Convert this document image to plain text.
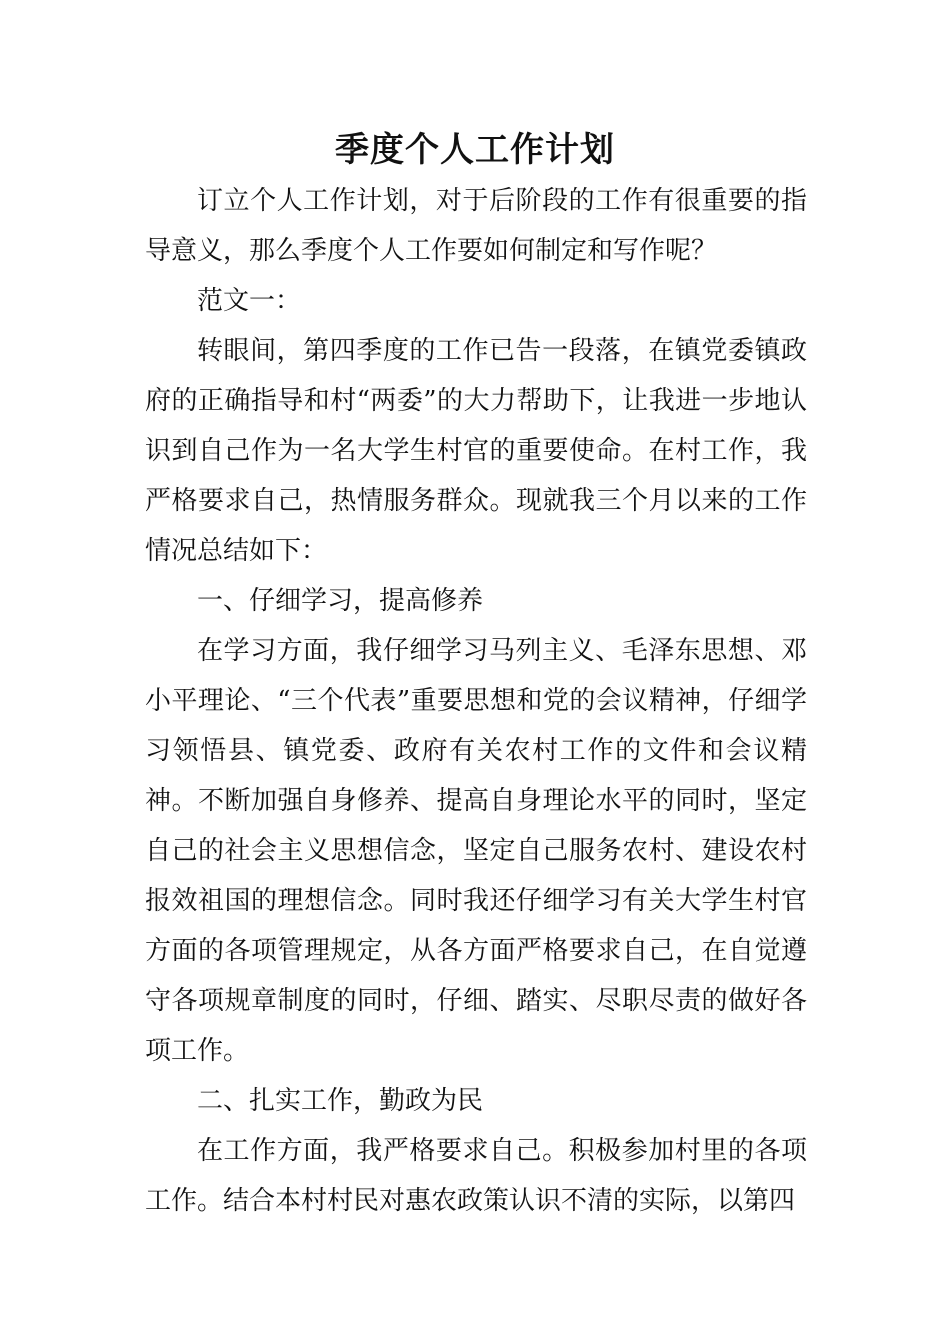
季度个人工作计划

订立个人工作计划，对于后阶段的工作有很重要的指导意义，那么季度个人工作要如何制定和写作呢？

范文一：

转眼间，第四季度的工作已告一段落，在镇党委镇政府的正确指导和村“两委”的大力帮助下，让我进一步地认识到自己作为一名大学生村官的重要使命。在村工作，我严格要求自己，热情服务群众。现就我三个月以来的工作情况总结如下：

一、仔细学习，提高修养

在学习方面，我仔细学习马列主义、毛泽东思想、邓小平理论、“三个代表”重要思想和党的会议精神，仔细学习领悟县、镇党委、政府有关农村工作的文件和会议精神。不断加强自身修养、提高自身理论水平的同时，坚定自己的社会主义思想信念，坚定自己服务农村、建设农村报效祖国的理想信念。同时我还仔细学习有关大学生村官方面的各项管理规定，从各方面严格要求自己，在自觉遵守各项规章制度的同时，仔细、踏实、尽职尽责的做好各项工作。

二、扎实工作，勤政为民

在工作方面，我严格要求自己。积极参加村里的各项工作。结合本村村民对惠农政策认识不清的实际，以第四
